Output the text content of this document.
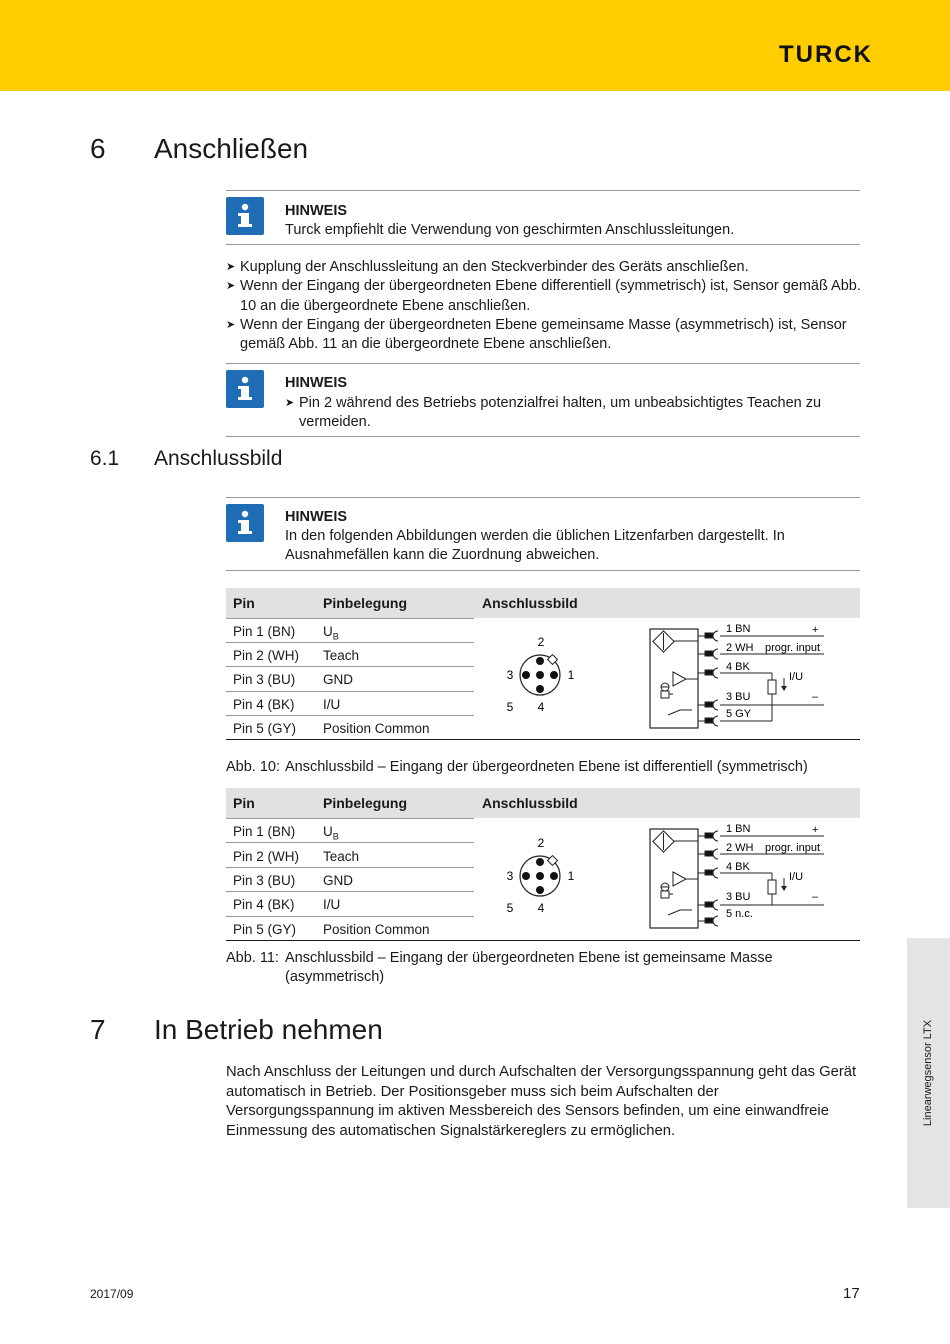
TURCK
6 Anschließen
HINWEIS
Turck empfiehlt die Verwendung von geschirmten Anschlussleitungen.
➤ Kupplung der Anschlussleitung an den Steckverbinder des Geräts anschließen.
➤ Wenn der Eingang der übergeordneten Ebene differentiell (symmetrisch) ist, Sensor gemäß Abb. 10 an die übergeordnete Ebene anschließen.
➤ Wenn der Eingang der übergeordneten Ebene gemeinsame Masse (asymmetrisch) ist, Sensor gemäß Abb. 11 an die übergeordnete Ebene anschließen.
HINWEIS
➤ Pin 2 während des Betriebs potenzialfrei halten, um unbeabsichtigtes Teachen zu vermeiden.
6.1 Anschlussbild
HINWEIS
In den folgenden Abbildungen werden die üblichen Litzenfarben dargestellt. In Ausnahmefällen kann die Zuordnung abweichen.
Pin	Pinbelegung	Anschlussbild
Pin 1 (BN) $U_B$
Pin 2 (WH) Teach
Pin 3 (BU) GND
Pin 4 (BK) I/U
Pin 5 (GY) Position Common
2
3	1
5 4
1 BN
2 WH
4 BK
3 BU
5 GY
+
progr. input
I/U
–
Abb. 10: Anschlussbild – Eingang der übergeordneten Ebene ist differentiell (symmetrisch)
Pin	Pinbelegung	Anschlussbild
Pin 1 (BN) $U_B$
Pin 2 (WH) Teach
Pin 3 (BU) GND
Pin 4 (BK) I/U
Pin 5 (GY) Position Common
2
3	1
5 4
1 BN
2 WH
4 BK
3 BU
5 n.c.
+
progr. input
I/U
–
Abb. 11: Anschlussbild – Eingang der übergeordneten Ebene ist gemeinsame Masse (asymmetrisch)
7 In Betrieb nehmen
Nach Anschluss der Leitungen und durch Aufschalten der Versorgungsspannung geht das Gerät automatisch in Betrieb. Der Positionsgeber muss sich beim Aufschalten der Versorgungsspannung im aktiven Messbereich des Sensors befinden, um eine einwandfreie Einmessung des automatischen Signalstärkereglers zu ermöglichen.
Linearwegsensor LTX
2017/09	17
